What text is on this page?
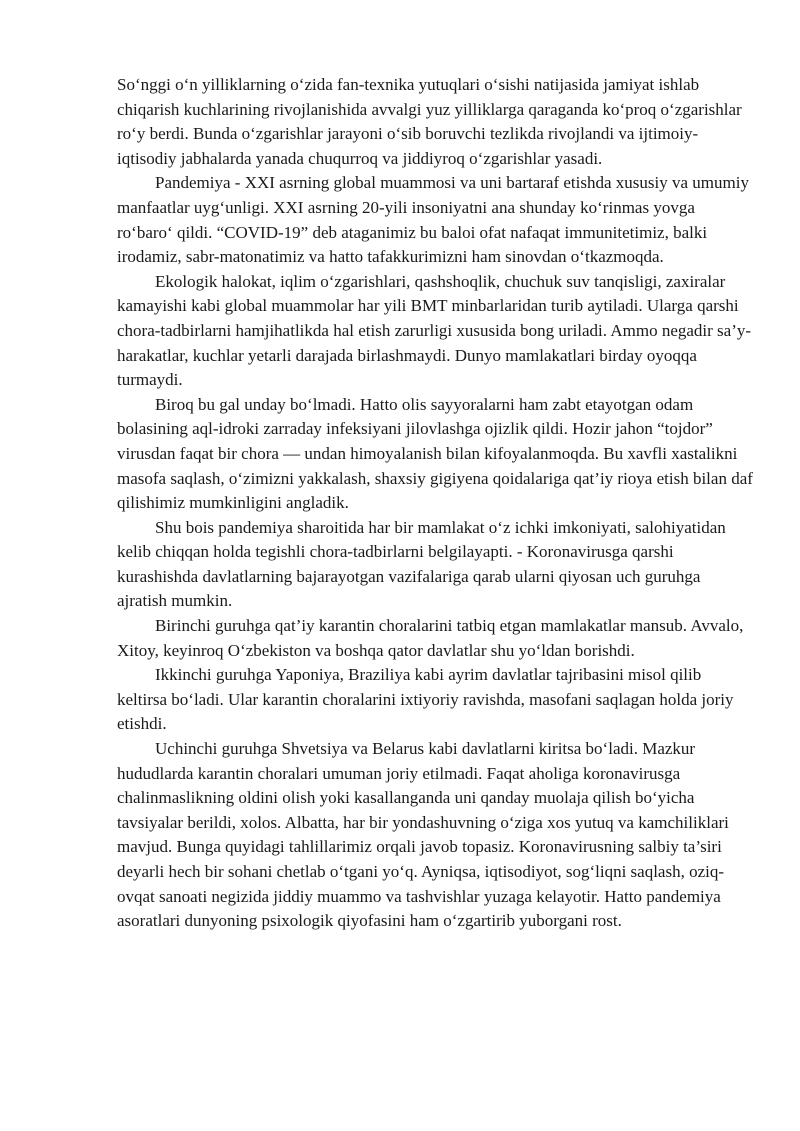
So‘nggi o‘n yilliklarning o‘zida fan-texnika yutuqlari o‘sishi natijasida jamiyat ishlab chiqarish kuchlarining rivojlanishida avvalgi yuz yilliklarga qaraganda ko‘proq o‘zgarishlar ro‘y berdi. Bunda o‘zgarishlar jarayoni o‘sib boruvchi tezlikda rivojlandi va ijtimoiy-iqtisodiy jabhalarda yanada chuqurroq va jiddiyroq o‘zgarishlar yasadi.

Pandemiya - XXI asrning global muammosi va uni bartaraf etishda xususiy va umumiy manfaatlar uyg‘unligi. XXI asrning 20-yili insoniyatni ana shunday ko‘rinmas yovga ro‘baro‘ qildi. “COVID-19” deb ataganimiz bu baloi ofat nafaqat immunitetimiz, balki irodamiz, sabr-matonatimiz va hatto tafakkurimizni ham sinovdan o‘tkazmoqda.

Ekologik halokat, iqlim o‘zgarishlari, qashshoqlik, chuchuk suv tanqisligi, zaxiralar kamayishi kabi global muammolar har yili BMT minbarlaridan turib aytiladi. Ularga qarshi chora-tadbirlarni hamjihatlikda hal etish zarurligi xususida bong uriladi. Ammo negadir sa’y-harakatlar, kuchlar yetarli darajada birlashmaydi. Dunyo mamlakatlari birday oyoqqa turmaydi.

Biroq bu gal unday bo‘lmadi. Hatto olis sayyoralarni ham zabt etayotgan odam bolasining aql-idroki zarraday infeksiyani jilovlashga ojizlik qildi. Hozir jahon “tojdor” virusdan faqat bir chora — undan himoyalanish bilan kifoyalanmoqda. Bu xavfli xastalikni masofa saqlash, o‘zimizni yakkalash, shaxsiy gigiyena qoidalariga qat’iy rioya etish bilan daf qilishimiz mumkinligini angladik.

Shu bois pandemiya sharoitida har bir mamlakat o‘z ichki imkoniyati, salohiyatidan kelib chiqqan holda tegishli chora-tadbirlarni belgilayapti. - Koronavirusga qarshi kurashishda davlatlarning bajarayotgan vazifalariga qarab ularni qiyosan uch guruhga ajratish mumkin.

Birinchi guruhga qat’iy karantin choralarini tatbiq etgan mamlakatlar mansub. Avvalo, Xitoy, keyinroq O‘zbekiston va boshqa qator davlatlar shu yo‘ldan borishdi.

Ikkinchi guruhga Yaponiya, Braziliya kabi ayrim davlatlar tajribasini misol qilib keltirsa bo‘ladi. Ular karantin choralarini ixtiyoriy ravishda, masofani saqlagan holda joriy etishdi.

Uchinchi guruhga Shvetsiya va Belarus kabi davlatlarni kiritsa bo‘ladi. Mazkur hududlarda karantin choralari umuman joriy etilmadi. Faqat aholiga koronavirusga chalinmaslikning oldini olish yoki kasallanganda uni qanday muolaja qilish bo‘yicha tavsiyalar berildi, xolos. Albatta, har bir yondashuvning o‘ziga xos yutuq va kamchiliklari mavjud. Bunga quyidagi tahlillarimiz orqali javob topasiz. Koronavirusning salbiy ta’siri deyarli hech bir sohani chetlab o‘tgani yo‘q. Ayniqsa, iqtisodiyot, sog‘liqni saqlash, oziq-ovqat sanoati negizida jiddiy muammo va tashvishlar yuzaga kelayotir. Hatto pandemiya asoratlari dunyoning psixologik qiyofasini ham o‘zgartirib yuborgani rost.
